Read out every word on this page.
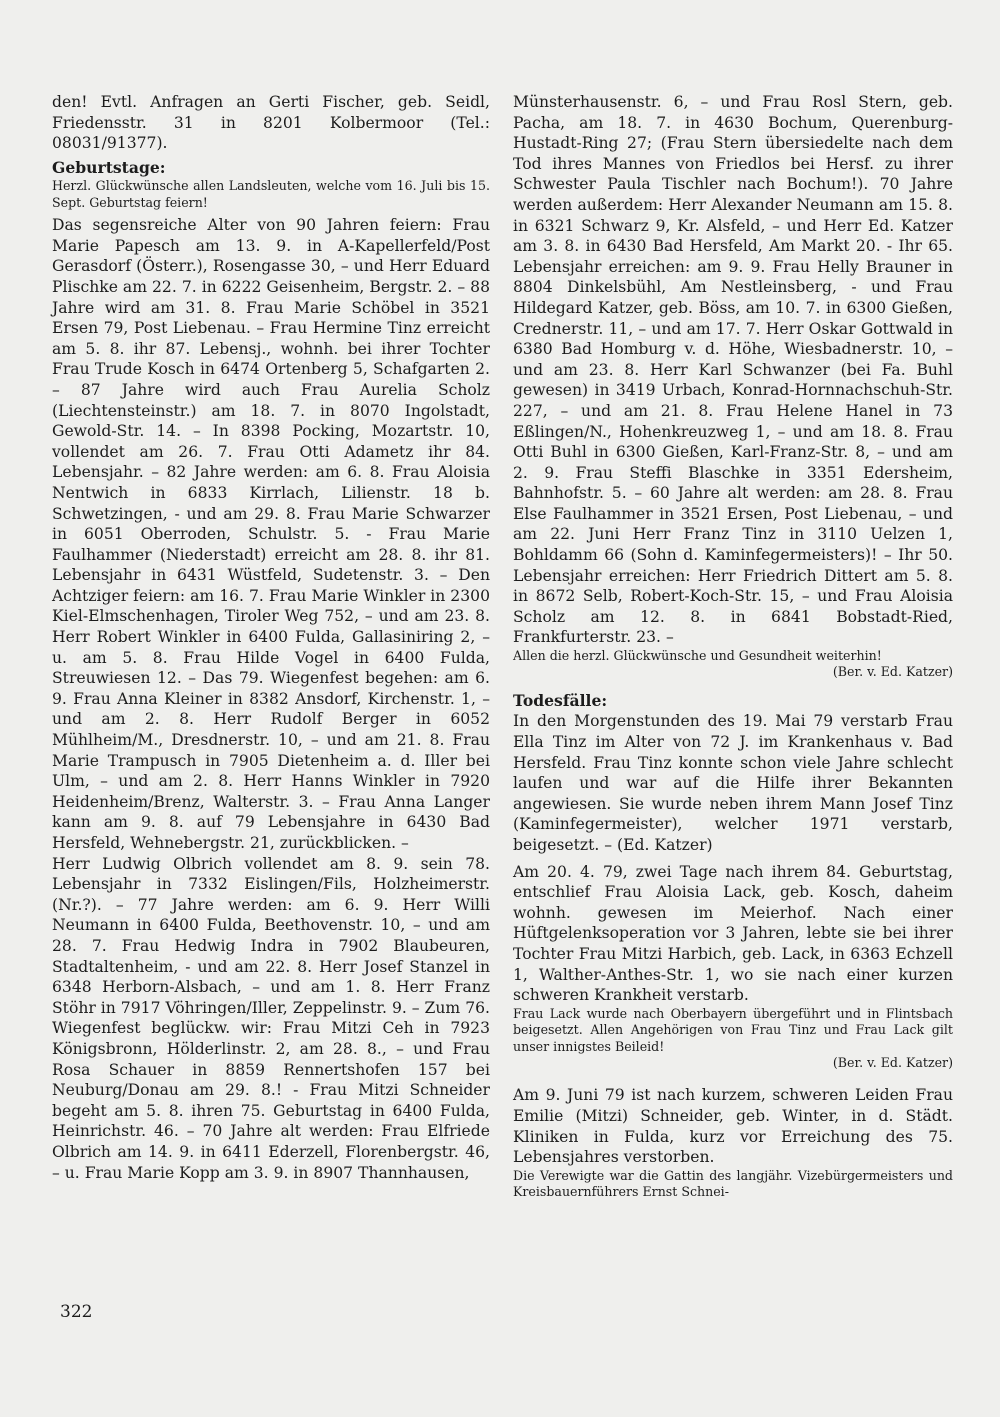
den! Evtl. Anfragen an Gerti Fischer, geb. Seidl, Friedensstr. 31 in 8201 Kolbermoor (Tel.: 08031/91377).

Geburtstage:

Herzl. Glückwünsche allen Landsleuten, welche vom 16. Juli bis 15. Sept. Geburtstag feiern!

Das segensreiche Alter von 90 Jahren feiern: Frau Marie Papesch am 13. 9. in A-Kapellerfeld/Post Gerasdorf (Österr.), Rosengasse 30, – und Herr Eduard Plischke am 22. 7. in 6222 Geisenheim, Bergstr. 2. – 88 Jahre wird am 31. 8. Frau Marie Schöbel in 3521 Ersen 79, Post Liebenau. – Frau Hermine Tinz erreicht am 5. 8. ihr 87. Lebensj., wohnh. bei ihrer Tochter Frau Trude Kosch in 6474 Ortenberg 5, Schafgarten 2. – 87 Jahre wird auch Frau Aurelia Scholz (Liechtensteinstr.) am 18. 7. in 8070 Ingolstadt, Gewold-Str. 14. – In 8398 Pocking, Mozartstr. 10, vollendet am 26. 7. Frau Otti Adametz ihr 84. Lebensjahr. – 82 Jahre werden: am 6. 8. Frau Aloisia Nentwich in 6833 Kirrlach, Lilienstr. 18 b. Schwetzingen, - und am 29. 8. Frau Marie Schwarzer in 6051 Oberroden, Schulstr. 5. - Frau Marie Faulhammer (Niederstadt) erreicht am 28. 8. ihr 81. Lebensjahr in 6431 Wüstfeld, Sudetenstr. 3. – Den Achtziger feiern: am 16. 7. Frau Marie Winkler in 2300 Kiel-Elmschenhagen, Tiroler Weg 752, – und am 23. 8. Herr Robert Winkler in 6400 Fulda, Gallasiniring 2, – u. am 5. 8. Frau Hilde Vogel in 6400 Fulda, Streuwiesen 12. – Das 79. Wiegenfest begehen: am 6. 9. Frau Anna Kleiner in 8382 Ansdorf, Kirchenstr. 1, – und am 2. 8. Herr Rudolf Berger in 6052 Mühlheim/M., Dresdnerstr. 10, – und am 21. 8. Frau Marie Trampusch in 7905 Dietenheim a. d. Iller bei Ulm, – und am 2. 8. Herr Hanns Winkler in 7920 Heidenheim/Brenz, Walterstr. 3. – Frau Anna Langer kann am 9. 8. auf 79 Lebensjahre in 6430 Bad Hersfeld, Wehnebergstr. 21, zurückblicken. –

Herr Ludwig Olbrich vollendet am 8. 9. sein 78. Lebensjahr in 7332 Eislingen/Fils, Holzheimerstr. (Nr.?). – 77 Jahre werden: am 6. 9. Herr Willi Neumann in 6400 Fulda, Beethovenstr. 10, – und am 28. 7. Frau Hedwig Indra in 7902 Blaubeuren, Stadtaltenheim, - und am 22. 8. Herr Josef Stanzel in 6348 Herborn-Alsbach, – und am 1. 8. Herr Franz Stöhr in 7917 Vöhringen/Iller, Zeppelinstr. 9. – Zum 76. Wiegenfest beglückw. wir: Frau Mitzi Ceh in 7923 Königsbronn, Hölderlinstr. 2, am 28. 8., – und Frau Rosa Schauer in 8859 Rennertshofen 157 bei Neuburg/Donau am 29. 8.! - Frau Mitzi Schneider begeht am 5. 8. ihren 75. Geburtstag in 6400 Fulda, Heinrichstr. 46. – 70 Jahre alt werden: Frau Elfriede Olbrich am 14. 9. in 6411 Ederzell, Florenbergstr. 46, – u. Frau Marie Kopp am 3. 9. in 8907 Thannhausen,

Münsterhausenstr. 6, – und Frau Rosl Stern, geb. Pacha, am 18. 7. in 4630 Bochum, Querenburg-Hustadt-Ring 27; (Frau Stern übersiedelte nach dem Tod ihres Mannes von Friedlos bei Hersf. zu ihrer Schwester Paula Tischler nach Bochum!). 70 Jahre werden außerdem: Herr Alexander Neumann am 15. 8. in 6321 Schwarz 9, Kr. Alsfeld, – und Herr Ed. Katzer am 3. 8. in 6430 Bad Hersfeld, Am Markt 20. - Ihr 65. Lebensjahr erreichen: am 9. 9. Frau Helly Brauner in 8804 Dinkelsbühl, Am Nestleinsberg, - und Frau Hildegard Katzer, geb. Böss, am 10. 7. in 6300 Gießen, Crednerstr. 11, – und am 17. 7. Herr Oskar Gottwald in 6380 Bad Homburg v. d. Höhe, Wiesbadnerstr. 10, – und am 23. 8. Herr Karl Schwanzer (bei Fa. Buhl gewesen) in 3419 Urbach, Konrad-Hornnachschuh-Str. 227, – und am 21. 8. Frau Helene Hanel in 73 Eßlingen/N., Hohenkreuzweg 1, – und am 18. 8. Frau Otti Buhl in 6300 Gießen, Karl-Franz-Str. 8, – und am 2. 9. Frau Steffi Blaschke in 3351 Edersheim, Bahnhofstr. 5. – 60 Jahre alt werden: am 28. 8. Frau Else Faulhammer in 3521 Ersen, Post Liebenau, – und am 22. Juni Herr Franz Tinz in 3110 Uelzen 1, Bohldamm 66 (Sohn d. Kaminfegermeisters)! – Ihr 50. Lebensjahr erreichen: Herr Friedrich Dittert am 5. 8. in 8672 Selb, Robert-Koch-Str. 15, – und Frau Aloisia Scholz am 12. 8. in 6841 Bobstadt-Ried, Frankfurterstr. 23. –

Allen die herzl. Glückwünsche und Gesundheit weiterhin!
(Ber. v. Ed. Katzer)

Todesfälle:

In den Morgenstunden des 19. Mai 79 verstarb Frau Ella Tinz im Alter von 72 J. im Krankenhaus v. Bad Hersfeld. Frau Tinz konnte schon viele Jahre schlecht laufen und war auf die Hilfe ihrer Bekannten angewiesen. Sie wurde neben ihrem Mann Josef Tinz (Kaminfegermeister), welcher 1971 verstarb, beigesetzt. – (Ed. Katzer)

Am 20. 4. 79, zwei Tage nach ihrem 84. Geburtstag, entschlief Frau Aloisia Lack, geb. Kosch, daheim wohnh. gewesen im Meierhof. Nach einer Hüftgelenksoperation vor 3 Jahren, lebte sie bei ihrer Tochter Frau Mitzi Harbich, geb. Lack, in 6363 Echzell 1, Walther-Anthes-Str. 1, wo sie nach einer kurzen schweren Krankheit verstarb.

Frau Lack wurde nach Oberbayern übergeführt und in Flintsbach beigesetzt. Allen Angehörigen von Frau Tinz und Frau Lack gilt unser innigstes Beileid!

(Ber. v. Ed. Katzer)

Am 9. Juni 79 ist nach kurzem, schweren Leiden Frau Emilie (Mitzi) Schneider, geb. Winter, in d. Städt. Kliniken in Fulda, kurz vor Erreichung des 75. Lebensjahres verstorben.

Die Verewigte war die Gattin des langjähr. Vizebürgermeisters und Kreisbauernführers Ernst Schnei-

322
